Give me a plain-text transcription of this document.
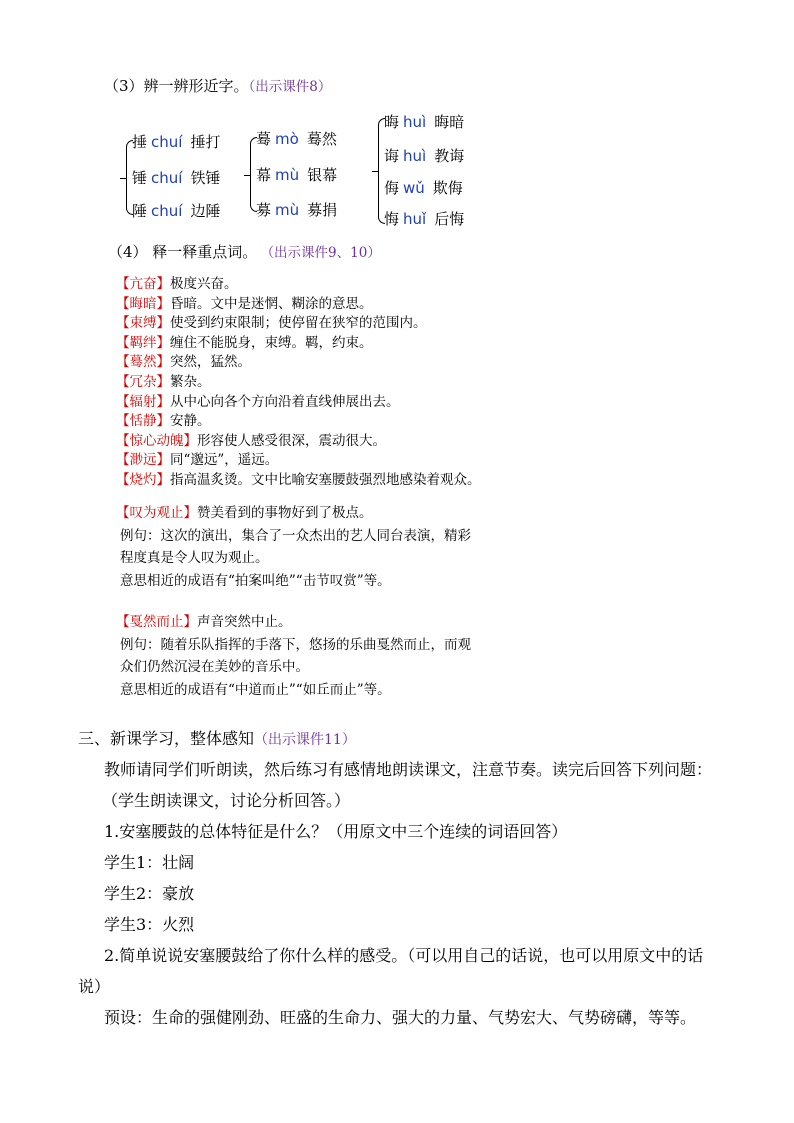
（3）辨一辨形近字。（出示课件8）
捶 chuí 捶打
锤 chuí 铁锤
陲 chuí 边陲
蓦 mò 蓦然
幕 mù 银幕
募 mù 募捐
晦 huì 晦暗
诲 huì 教诲
侮 wǔ 欺侮
悔 huǐ 后悔
（4） 释一释重点词。 （出示课件9、10）
【亢奋】极度兴奋。
【晦暗】昏暗。文中是迷惘、糊涂的意思。
【束缚】使受到约束限制；使停留在狭窄的范围内。
【羁绊】缠住不能脱身，束缚。羁，约束。
【蓦然】突然，猛然。
【冗杂】繁杂。
【辐射】从中心向各个方向沿着直线伸展出去。
【恬静】安静。
【惊心动魄】形容使人感受很深，震动很大。
【渺远】同“邈远”，遥远。
【烧灼】指高温炙烫。文中比喻安塞腰鼓强烈地感染着观众。
【叹为观止】赞美看到的事物好到了极点。
例句：这次的演出，集合了一众杰出的艺人同台表演，精彩
程度真是令人叹为观止。
意思相近的成语有“拍案叫绝”“击节叹赏”等。
【戛然而止】声音突然中止。
例句：随着乐队指挥的手落下，悠扬的乐曲戛然而止，而观
众们仍然沉浸在美妙的音乐中。
意思相近的成语有“中道而止”“如丘而止”等。
三、新课学习，整体感知（出示课件11）
教师请同学们听朗读，然后练习有感情地朗读课文，注意节奏。读完后回答下列问题：
（学生朗读课文，讨论分析回答。）
1.安塞腰鼓的总体特征是什么？（用原文中三个连续的词语回答）
学生1：壮阔
学生2：豪放
学生3：火烈
2.简单说说安塞腰鼓给了你什么样的感受。（可以用自己的话说，也可以用原文中的话
说）
预设：生命的强健刚劲、旺盛的生命力、强大的力量、气势宏大、气势磅礴，等等。
